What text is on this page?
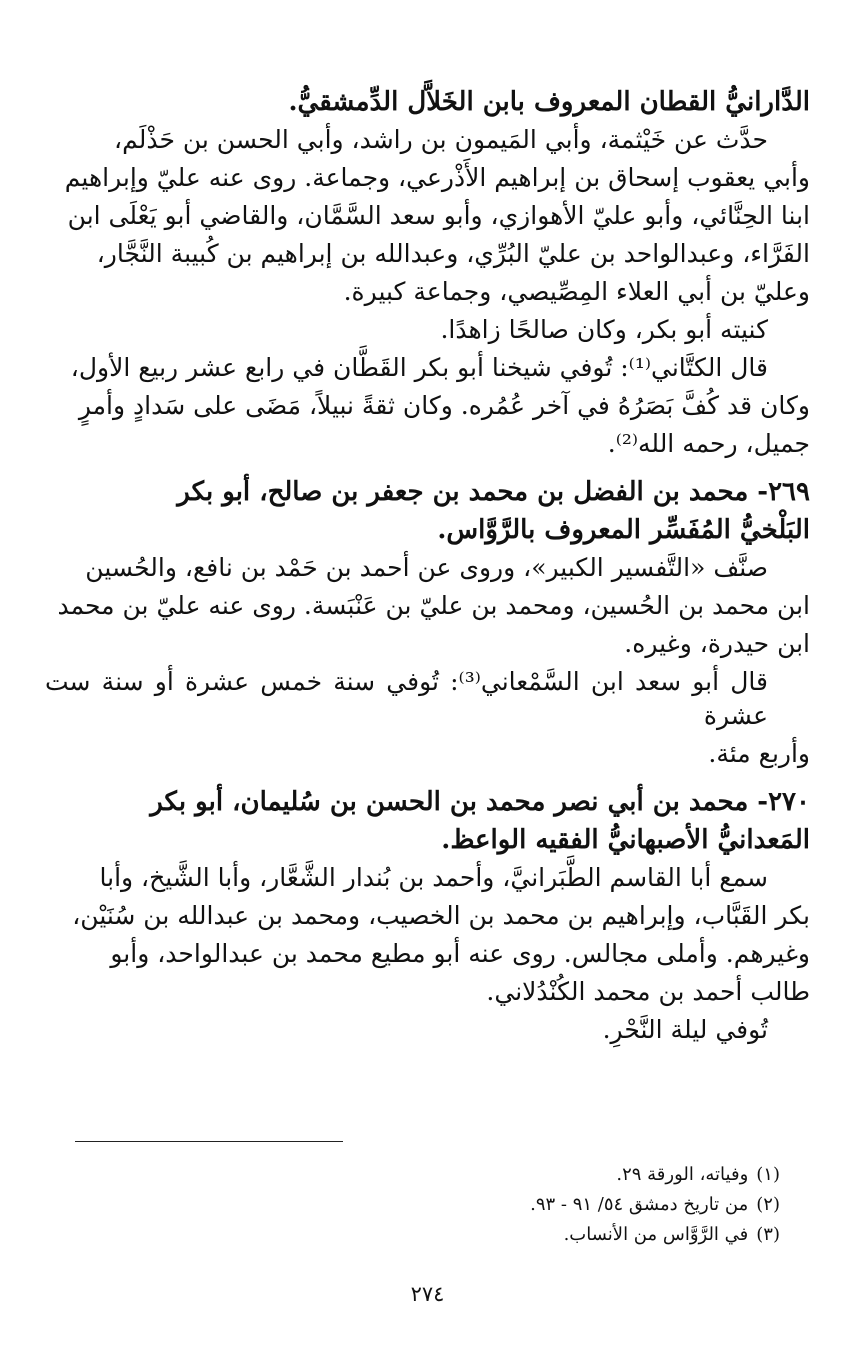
الدَّارانيُّ القطان المعروف بابن الخَلاَّل الدِّمشقيُّ.

حدَّث عن خَيْثمة، وأبي المَيمون بن راشد، وأبي الحسن بن حَذْلَم،

وأبي يعقوب إسحاق بن إبراهيم الأَذْرعي، وجماعة. روى عنه عليّ وإبراهيم

ابنا الحِنَّائي، وأبو عليّ الأهوازي، وأبو سعد السَّمَّان، والقاضي أبو يَعْلَى ابن

الفَرَّاء، وعبدالواحد بن عليّ البُرِّي، وعبدالله بن إبراهيم بن كُبيبة النَّجَّار،

وعليّ بن أبي العلاء المِصِّيصي، وجماعة كبيرة.

كنيته أبو بكر، وكان صالحًا زاهدًا.

قال الكتَّاني⁽¹⁾: تُوفي شيخنا أبو بكر القَطَّان في رابع عشر ربيع الأول،

وكان قد كُفَّ بَصَرُهُ في آخر عُمُره. وكان ثقةً نبيلاً، مَضَى على سَدادٍ وأمرٍ

جميل، رحمه الله⁽²⁾.

٢٦٩- محمد بن الفضل بن محمد بن جعفر بن صالح، أبو بكر

البَلْخيُّ المُفَسِّر المعروف بالرَّوَّاس.

صنَّف «التَّفسير الكبير»، وروى عن أحمد بن حَمْد بن نافع، والحُسين

ابن محمد بن الحُسين، ومحمد بن عليّ بن عَنْبَسة. روى عنه عليّ بن محمد

ابن حيدرة، وغيره.

قال أبو سعد ابن السَّمْعاني⁽³⁾: تُوفي سنة خمس عشرة أو سنة ست عشرة

وأربع مئة.

٢٧٠- محمد بن أبي نصر محمد بن الحسن بن سُليمان، أبو بكر

المَعدانيُّ الأصبهانيُّ الفقيه الواعظ.

سمع أبا القاسم الطَّبَرانيَّ، وأحمد بن بُندار الشَّعَّار، وأبا الشَّيخ، وأبا

بكر القَبَّاب، وإبراهيم بن محمد بن الخصيب، ومحمد بن عبدالله بن سُنَيْن،

وغيرهم. وأملى مجالس. روى عنه أبو مطيع محمد بن عبدالواحد، وأبو

طالب أحمد بن محمد الكُنْدُلاني.

تُوفي ليلة النَّحْرِ.

(١)
وفياته، الورقة ٢٩.
(٢)
من تاريخ دمشق ٥٤/ ٩١ - ٩٣.
(٣)
في الرَّوَّاس من الأنساب.
٢٧٤
